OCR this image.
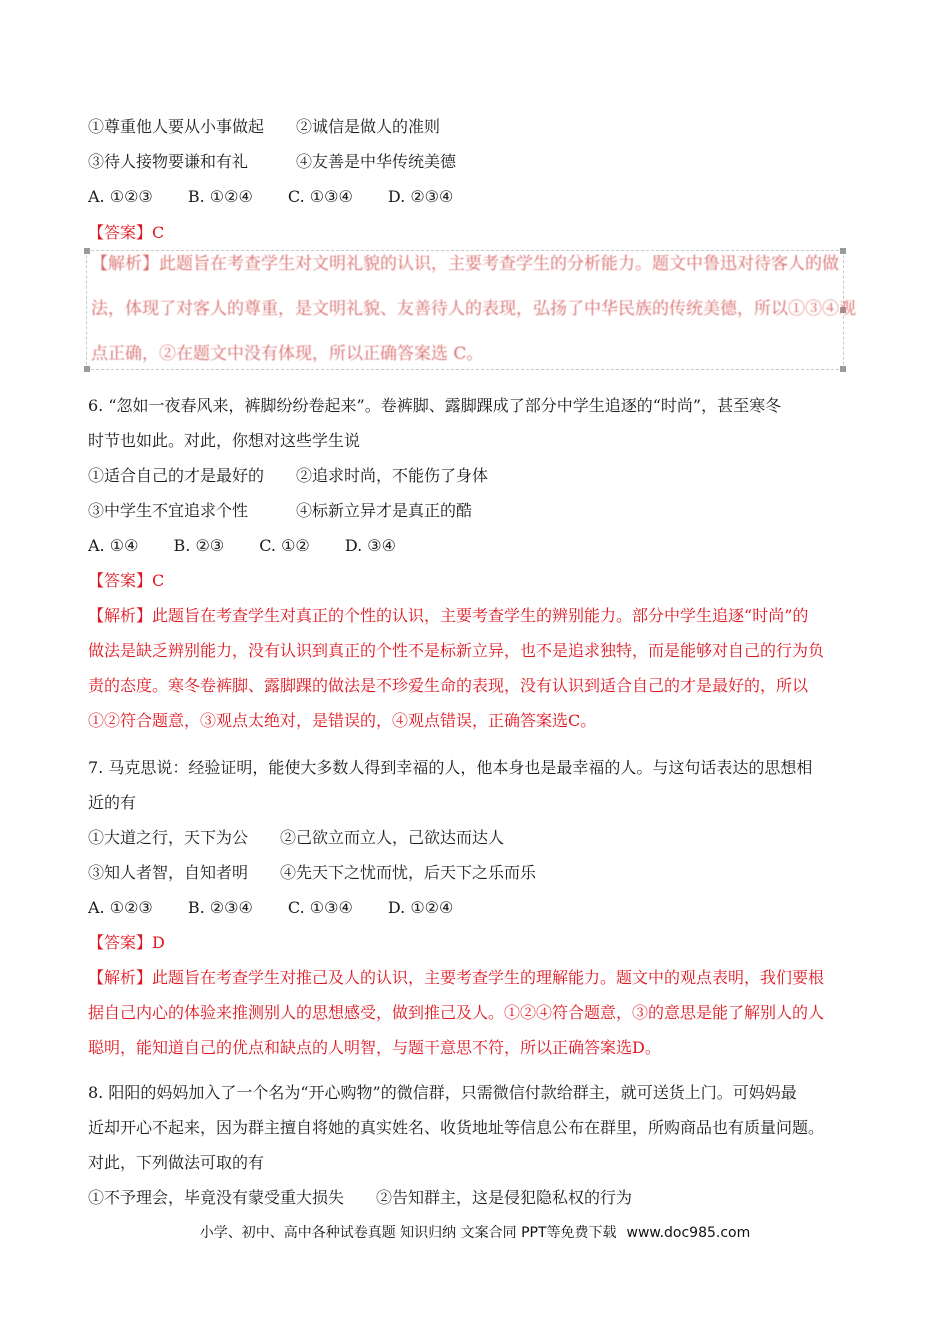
①尊重他人要从小事做起　　②诚信是做人的准则
③待人接物要谦和有礼　　　④友善是中华传统美德
A. ①②③ B. ①②④ C. ①③④ D. ②③④
【答案】C
【解析】此题旨在考查学生对文明礼貌的认识，主要考查学生的分析能力。题文中鲁迅对待客人的做
法，体现了对客人的尊重，是文明礼貌、友善待人的表现，弘扬了中华民族的传统美德，所以①③④观
点正确，②在题文中没有体现，所以正确答案选 C。
6. “忽如一夜春风来，裤脚纷纷卷起来”。卷裤脚、露脚踝成了部分中学生追逐的“时尚”，甚至寒冬
时节也如此。对此，你想对这些学生说
①适合自己的才是最好的　　②追求时尚，不能伤了身体
③中学生不宜追求个性　　　④标新立异才是真正的酷
A. ①④ B. ②③ C. ①② D. ③④
【答案】C
【解析】此题旨在考查学生对真正的个性的认识，主要考查学生的辨别能力。部分中学生追逐“时尚”的
做法是缺乏辨别能力，没有认识到真正的个性不是标新立异，也不是追求独特，而是能够对自己的行为负
责的态度。寒冬卷裤脚、露脚踝的做法是不珍爱生命的表现，没有认识到适合自己的才是最好的，所以
①②符合题意，③观点太绝对，是错误的，④观点错误，正确答案选C。
7. 马克思说：经验证明，能使大多数人得到幸福的人，他本身也是最幸福的人。与这句话表达的思想相
近的有
①大道之行，天下为公　　②己欲立而立人，己欲达而达人
③知人者智，自知者明　　④先天下之忧而忧，后天下之乐而乐
A. ①②③ B. ②③④ C. ①③④ D. ①②④
【答案】D
【解析】此题旨在考查学生对推己及人的认识，主要考查学生的理解能力。题文中的观点表明，我们要根
据自己内心的体验来推测别人的思想感受，做到推己及人。①②④符合题意，③的意思是能了解别人的人
聪明，能知道自己的优点和缺点的人明智，与题干意思不符，所以正确答案选D。
8. 阳阳的妈妈加入了一个名为“开心购物”的微信群，只需微信付款给群主，就可送货上门。可妈妈最
近却开心不起来，因为群主擅自将她的真实姓名、收货地址等信息公布在群里，所购商品也有质量问题。
对此，下列做法可取的有
①不予理会，毕竟没有蒙受重大损失　　②告知群主，这是侵犯隐私权的行为
小学、初中、高中各种试卷真题 知识归纳 文案合同 PPT等免费下载 www.doc985.com
